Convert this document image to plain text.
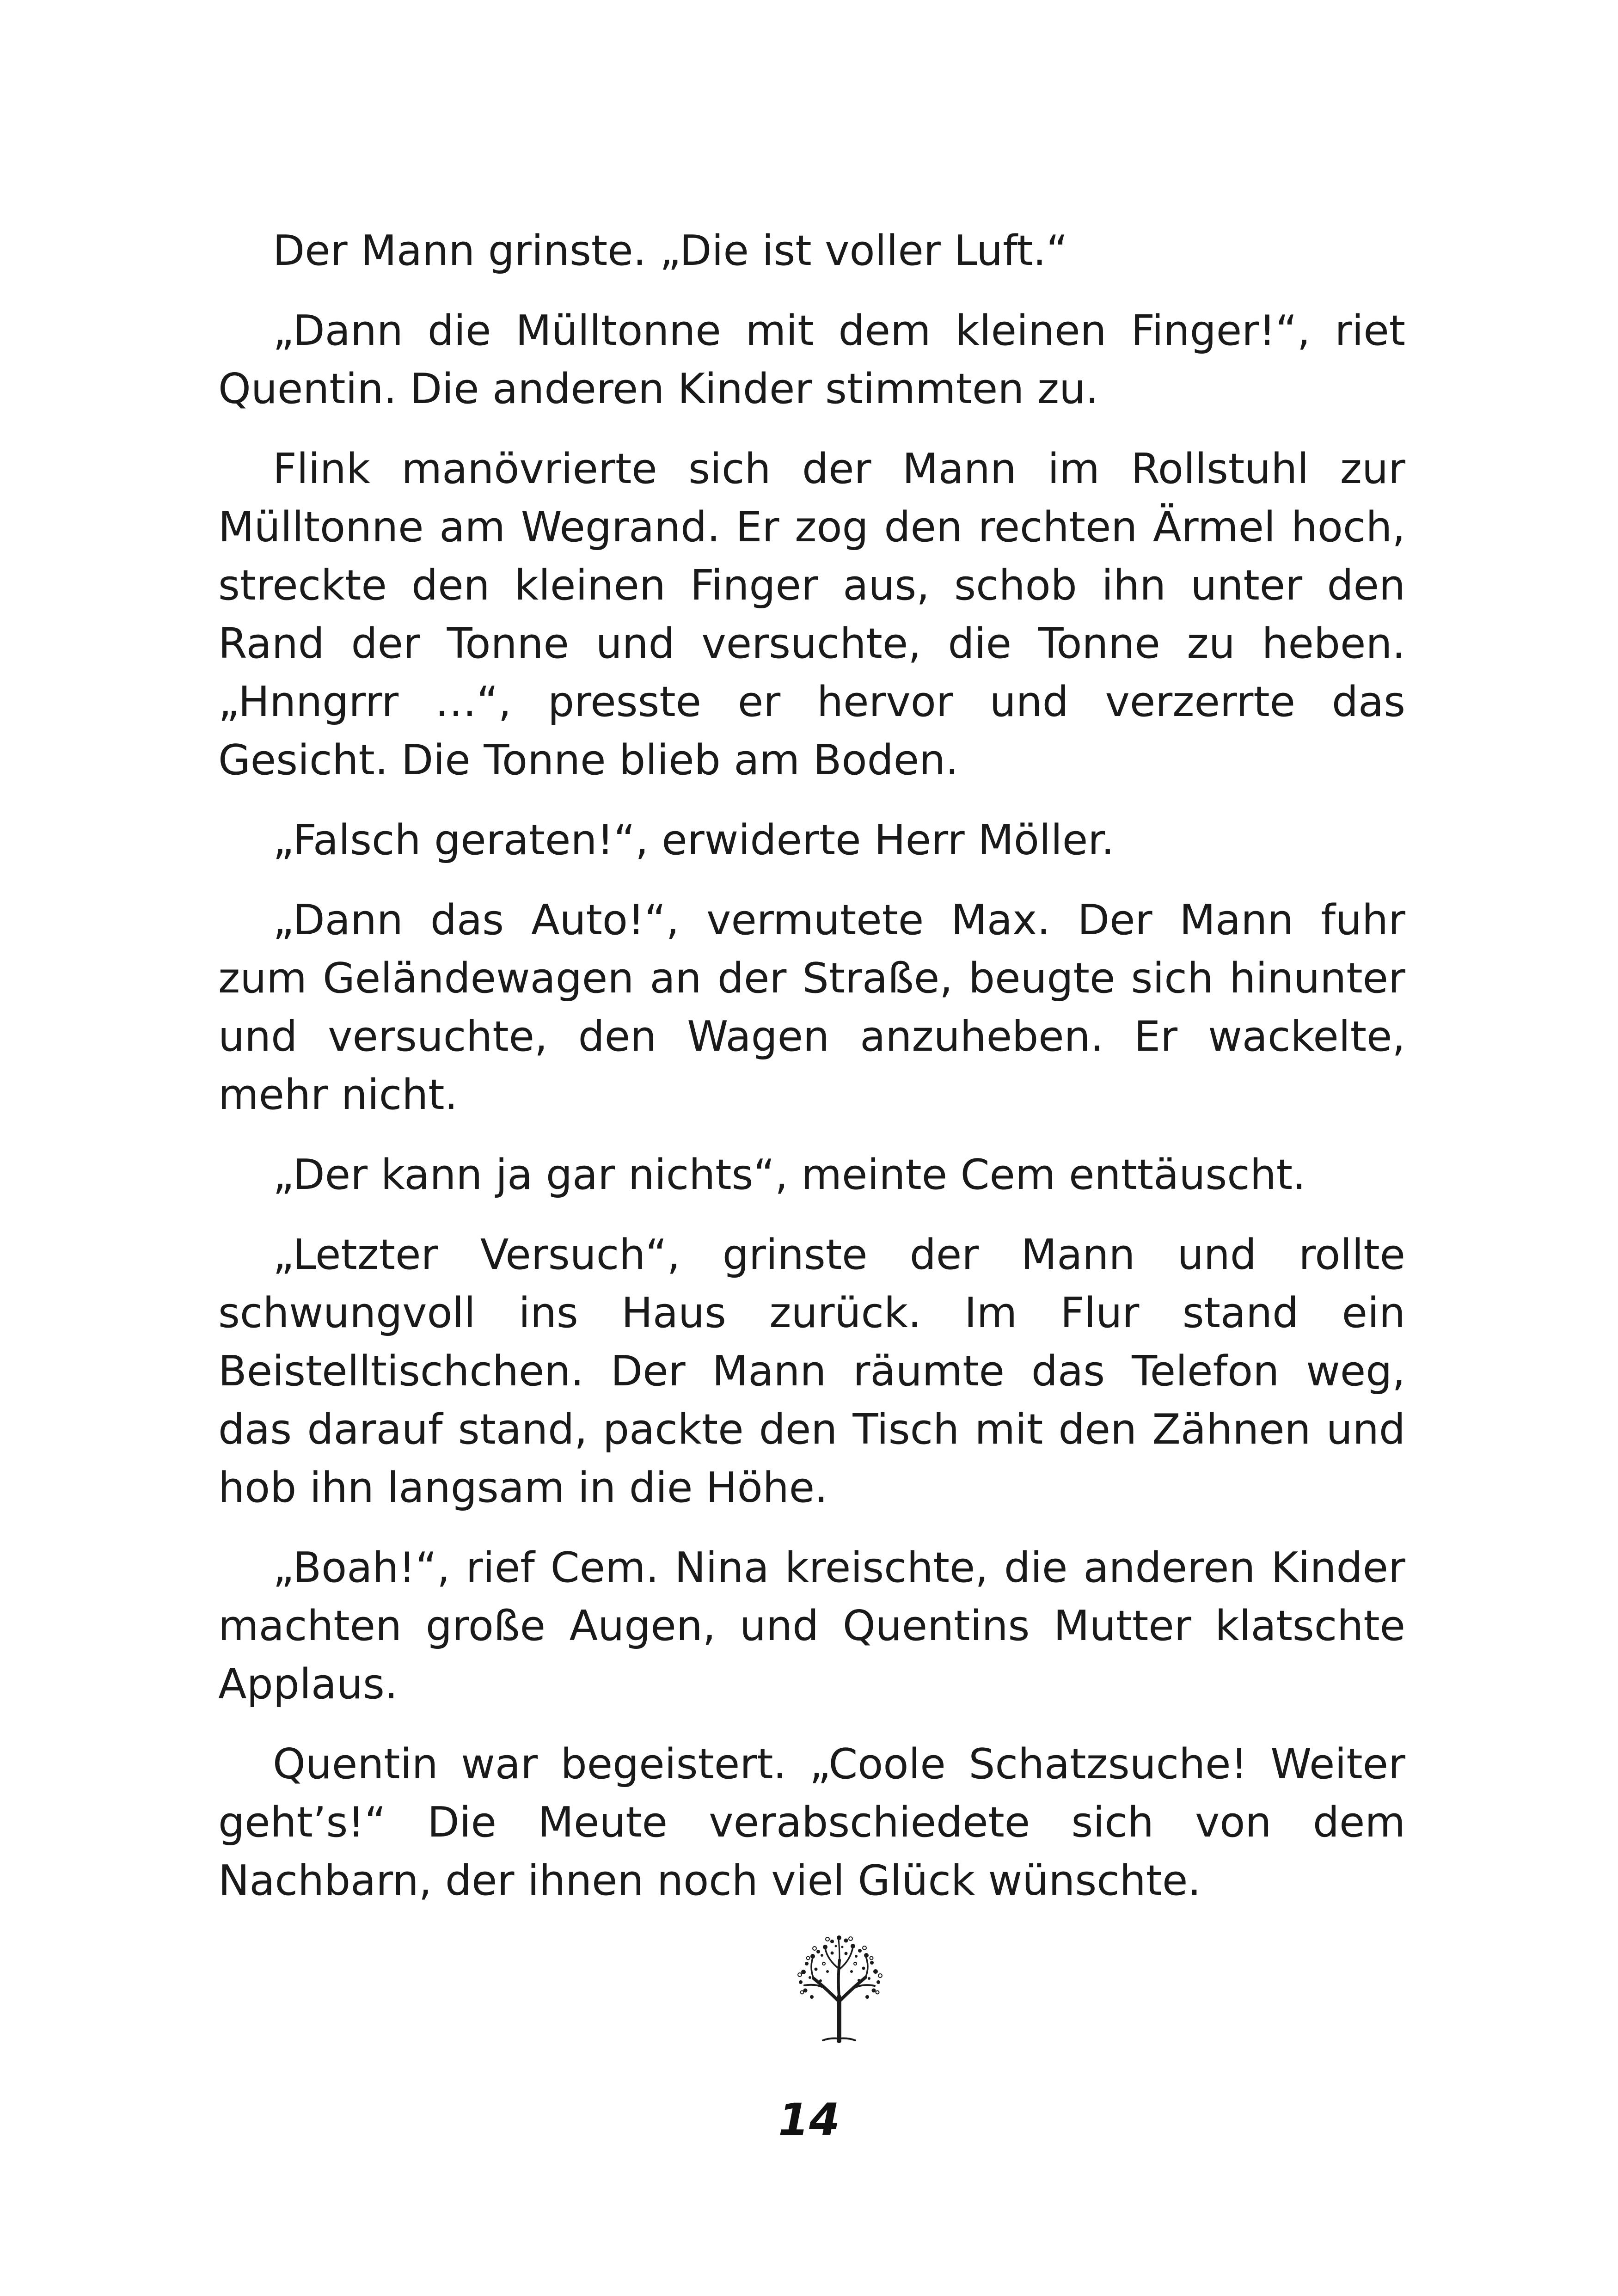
Der Mann grinste. „Die ist voller Luft.“

„Dann die Mülltonne mit dem kleinen Finger!“, riet Quentin. Die anderen Kinder stimmten zu.

Flink manövrierte sich der Mann im Rollstuhl zur Mülltonne am Wegrand. Er zog den rechten Ärmel hoch, streckte den kleinen Finger aus, schob ihn unter den Rand der Tonne und versuchte, die Tonne zu heben. „Hnngrrr …“, presste er hervor und verzerrte das Gesicht. Die Tonne blieb am Boden.

„Falsch geraten!“, erwiderte Herr Möller.

„Dann das Auto!“, vermutete Max. Der Mann fuhr zum Geländewagen an der Straße, beugte sich hinunter und versuchte, den Wagen anzuheben. Er wackelte, mehr nicht.

„Der kann ja gar nichts“, meinte Cem enttäuscht.

„Letzter Versuch“, grinste der Mann und rollte schwungvoll ins Haus zurück. Im Flur stand ein Beistelltischchen. Der Mann räumte das Telefon weg, das darauf stand, packte den Tisch mit den Zähnen und hob ihn langsam in die Höhe.

„Boah!“, rief Cem. Nina kreischte, die anderen Kinder machten große Augen, und Quentins Mutter klatschte Applaus.

Quentin war begeistert. „Coole Schatzsuche! Weiter geht’s!“ Die Meute verabschiedete sich von dem Nachbarn, der ihnen noch viel Glück wünschte.

14
